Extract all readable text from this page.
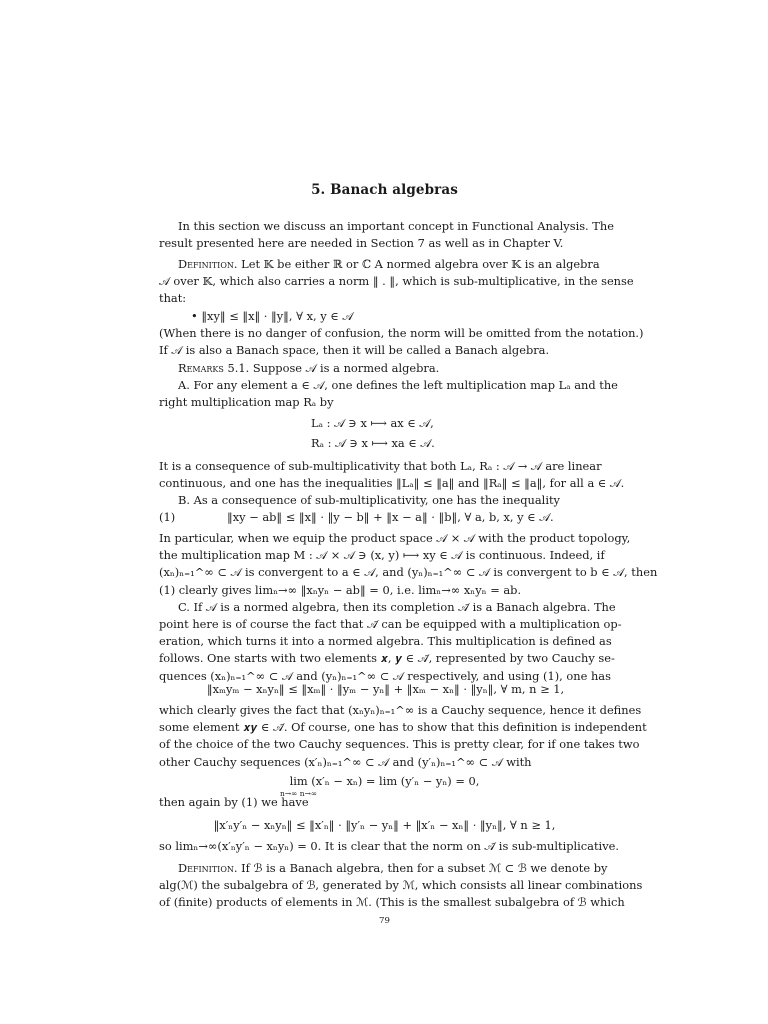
5. Banach algebras
In this section we discuss an important concept in Functional Analysis. The
result presented here are needed in Section 7 as well as in Chapter V.
Definition. Let 𝕂 be either ℝ or ℂ A normed algebra over 𝕂 is an algebra
𝒜 over 𝕂, which also carries a norm ‖ . ‖, which is sub-multiplicative, in the sense
that:
• ‖xy‖ ≤ ‖x‖ · ‖y‖, ∀ x, y ∈ 𝒜
(When there is no danger of confusion, the norm will be omitted from the notation.)
If 𝒜 is also a Banach space, then it will be called a Banach algebra.
Remarks 5.1. Suppose 𝒜 is a normed algebra.
A. For any element a ∈ 𝒜, one defines the left multiplication map Lₐ and the
right multiplication map Rₐ by
Lₐ : 𝒜 ∋ x ⟼ ax ∈ 𝒜,
Rₐ : 𝒜 ∋ x ⟼ xa ∈ 𝒜.
It is a consequence of sub-multiplicativity that both Lₐ, Rₐ : 𝒜 → 𝒜 are linear
continuous, and one has the inequalities ‖Lₐ‖ ≤ ‖a‖ and ‖Rₐ‖ ≤ ‖a‖, for all a ∈ 𝒜.
B. As a consequence of sub-multiplicativity, one has the inequality
(1)	‖xy − ab‖ ≤ ‖x‖ · ‖y − b‖ + ‖x − a‖ · ‖b‖, ∀ a, b, x, y ∈ 𝒜.
In particular, when we equip the product space 𝒜 × 𝒜 with the product topology,
the multiplication map M : 𝒜 × 𝒜 ∋ (x, y) ⟼ xy ∈ 𝒜 is continuous. Indeed, if
(xₙ)ₙ₌₁^∞ ⊂ 𝒜 is convergent to a ∈ 𝒜, and (yₙ)ₙ₌₁^∞ ⊂ 𝒜 is convergent to b ∈ 𝒜, then
(1) clearly gives limₙ→∞ ‖xₙyₙ − ab‖ = 0, i.e. limₙ→∞ xₙyₙ = ab.
C. If 𝒜 is a normed algebra, then its completion 𝒜̄ is a Banach algebra. The
point here is of course the fact that 𝒜̄ can be equipped with a multiplication op-
eration, which turns it into a normed algebra. This multiplication is defined as
follows. One starts with two elements 𝒙, 𝒚 ∈ 𝒜̄, represented by two Cauchy se-
quences (xₙ)ₙ₌₁^∞ ⊂ 𝒜 and (yₙ)ₙ₌₁^∞ ⊂ 𝒜 respectively, and using (1), one has
‖xₘyₘ − xₙyₙ‖ ≤ ‖xₘ‖ · ‖yₘ − yₙ‖ + ‖xₘ − xₙ‖ · ‖yₙ‖, ∀ m, n ≥ 1,
which clearly gives the fact that (xₙyₙ)ₙ₌₁^∞ is a Cauchy sequence, hence it defines
some element 𝒙𝒚 ∈ 𝒜̄. Of course, one has to show that this definition is independent
of the choice of the two Cauchy sequences. This is pretty clear, for if one takes two
other Cauchy sequences (x′ₙ)ₙ₌₁^∞ ⊂ 𝒜 and (y′ₙ)ₙ₌₁^∞ ⊂ 𝒜 with
lim (x′ₙ − xₙ) = lim (y′ₙ − yₙ) = 0,
n→∞ n→∞
then again by (1) we have
‖x′ₙy′ₙ − xₙyₙ‖ ≤ ‖x′ₙ‖ · ‖y′ₙ − yₙ‖ + ‖x′ₙ − xₙ‖ · ‖yₙ‖, ∀ n ≥ 1,
so limₙ→∞(x′ₙy′ₙ − xₙyₙ) = 0. It is clear that the norm on 𝒜̄ is sub-multiplicative.
Definition. If ℬ is a Banach algebra, then for a subset ℳ ⊂ ℬ we denote by
alg(ℳ) the subalgebra of ℬ, generated by ℳ, which consists all linear combinations
of (finite) products of elements in ℳ. (This is the smallest subalgebra of ℬ which
79
